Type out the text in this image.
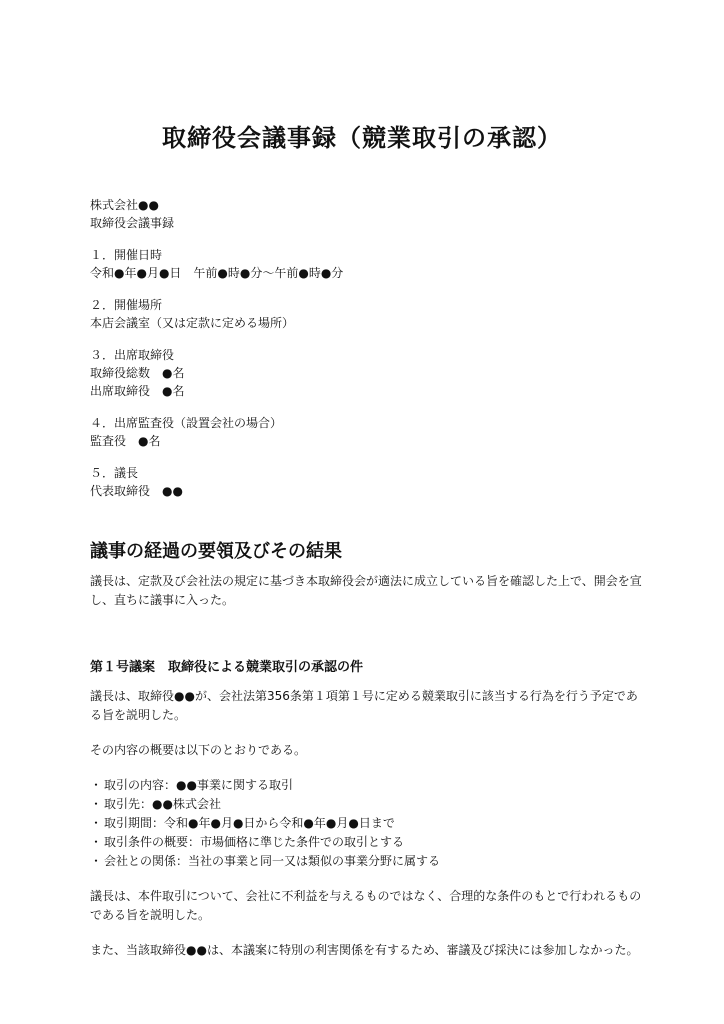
取締役会議事録（競業取引の承認）

株式会社●●

取締役会議事録

１．開催日時

令和●年●月●日　午前●時●分～午前●時●分

２．開催場所

本店会議室（又は定款に定める場所）

３．出席取締役

取締役総数　●名

出席取締役　●名

４．出席監査役（設置会社の場合）

監査役　●名

５．議長

代表取締役　●●

議事の経過の要領及びその結果

議長は、定款及び会社法の規定に基づき本取締役会が適法に成立している旨を確認した上で、開会を宣し、直ちに議事に入った。

第１号議案　取締役による競業取引の承認の件

議長は、取締役●●が、会社法第356条第１項第１号に定める競業取引に該当する行為を行う予定である旨を説明した。

その内容の概要は以下のとおりである。

・ 取引の内容：●●事業に関する取引
・ 取引先：●●株式会社
・ 取引期間：令和●年●月●日から令和●年●月●日まで
・ 取引条件の概要：市場価格に準じた条件での取引とする
・ 会社との関係：当社の事業と同一又は類似の事業分野に属する

議長は、本件取引について、会社に不利益を与えるものではなく、合理的な条件のもとで行われるものである旨を説明した。

また、当該取締役●●は、本議案に特別の利害関係を有するため、審議及び採決には参加しなかった。
